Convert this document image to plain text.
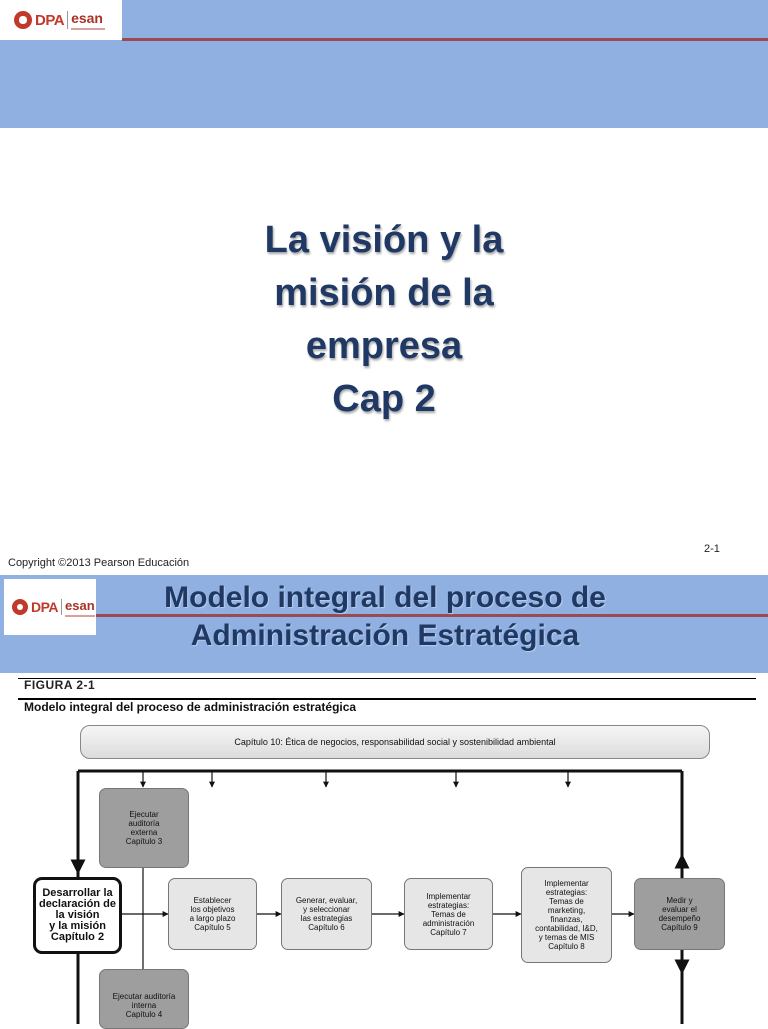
DPA esan
La visión y la
misión de la
empresa
Cap 2
2-1
Copyright ©2013 Pearson Educación
DPA esan	Modelo integral del proceso de
Administración Estratégica
FIGURA 2-1
Modelo integral del proceso de administración estratégica
Capítulo 10: Ética de negocios, responsabilidad social y sostenibilidad ambiental
Ejecutar
auditoría
externa
Capítulo 3
Desarrollar la
declaración de
la visión
y la misión
Capítulo 2
Establecer
los objetivos
a largo plazo
Capítulo 5
Generar, evaluar,
y seleccionar
las estrategias
Capítulo 6
Implementar
estrategias:
Temas de
administración
Capítulo 7
Implementar
estrategias:
Temas de
marketing,
finanzas,
contabilidad, I&D,
y temas de MIS
Capítulo 8
Medir y
evaluar el
desempeño
Capítulo 9
Ejecutar auditoría
interna
Capítulo 4
